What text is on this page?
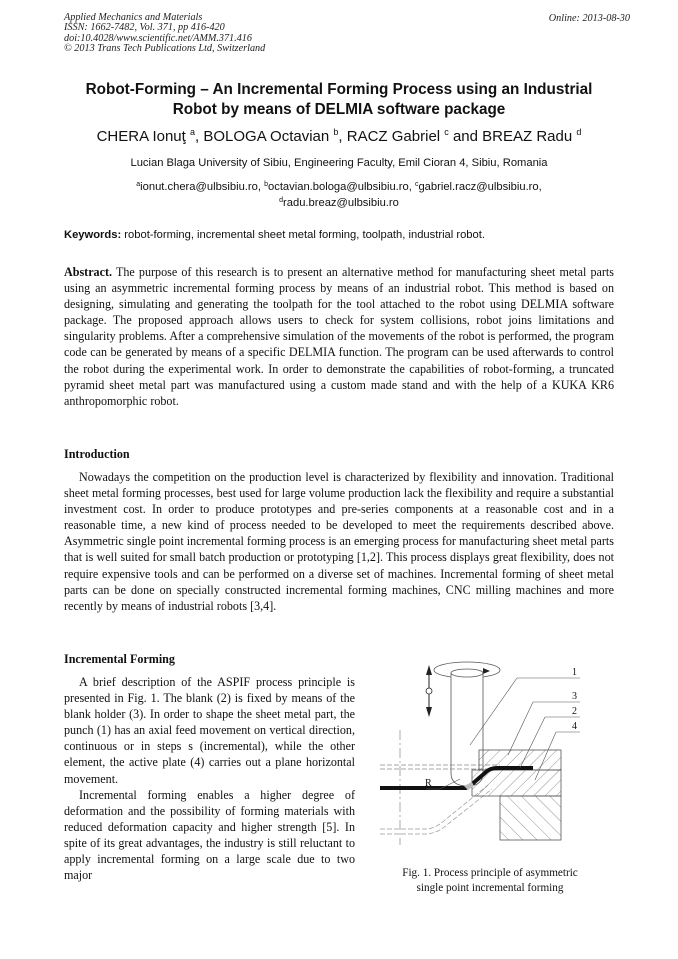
Applied Mechanics and Materials
ISSN: 1662-7482, Vol. 371, pp 416-420
doi:10.4028/www.scientific.net/AMM.371.416
© 2013 Trans Tech Publications Ltd, Switzerland
Online: 2013-08-30
Robot-Forming – An Incremental Forming Process using an Industrial
Robot by means of DELMIA software package
CHERA Ionuţ $^a$, BOLOGA Octavian $^b$, RACZ Gabriel $^c$ and BREAZ Radu $^d$
Lucian Blaga University of Sibiu, Engineering Faculty, Emil Cioran 4, Sibiu, Romania
$^a$ionut.chera@ulbsibiu.ro, $^b$octavian.bologa@ulbsibiu.ro, $^c$gabriel.racz@ulbsibiu.ro,
$^d$radu.breaz@ulbsibiu.ro
Keywords: robot-forming, incremental sheet metal forming, toolpath, industrial robot.
Abstract. The purpose of this research is to present an alternative method for manufacturing sheet metal parts using an asymmetric incremental forming process by means of an industrial robot. This method is based on designing, simulating and generating the toolpath for the tool attached to the robot using DELMIA software package. The proposed approach allows users to check for system collisions, robot joins limitations and singularity problems. After a comprehensive simulation of the movements of the robot is performed, the program code can be generated by means of a specific DELMIA function. The program can be used afterwards to control the robot during the experimental work. In order to demonstrate the capabilities of robot-forming, a truncated pyramid sheet metal part was manufactured using a custom made stand and with the help of a KUKA KR6 anthropomorphic robot.
Introduction
Nowadays the competition on the production level is characterized by flexibility and innovation. Traditional sheet metal forming processes, best used for large volume production lack the flexibility and require a substantial investment cost. In order to produce prototypes and pre-series components at a reasonable cost and in a reasonable time, a new kind of process needed to be developed to meet the requirements described above. Asymmetric single point incremental forming process is an emerging process for manufacturing sheet metal parts that is well suited for small batch production or prototyping [1,2]. This process displays great flexibility, does not require expensive tools and can be performed on a diverse set of machines. Incremental forming of sheet metal parts can be done on specially constructed incremental forming machines, CNC milling machines and more recently by means of industrial robots [3,4].
Incremental Forming

A brief description of the ASPIF process principle is presented in Fig. 1. The blank (2) is fixed by means of the blank holder (3). In order to shape the sheet metal part, the punch (1) has an axial feed movement on vertical direction, continuous or in steps s (incremental), while the other element, the active plate (4) carries out a plane horizontal movement.

Incremental forming enables a higher degree of deformation and the possibility of forming materials with reduced deformation capacity and higher strength [5]. In spite of its great advantages, the industry is still reluctant to apply incremental forming on a large scale due to two major

R
1
3
2
4
Fig. 1. Process principle of asymmetric
single point incremental forming
